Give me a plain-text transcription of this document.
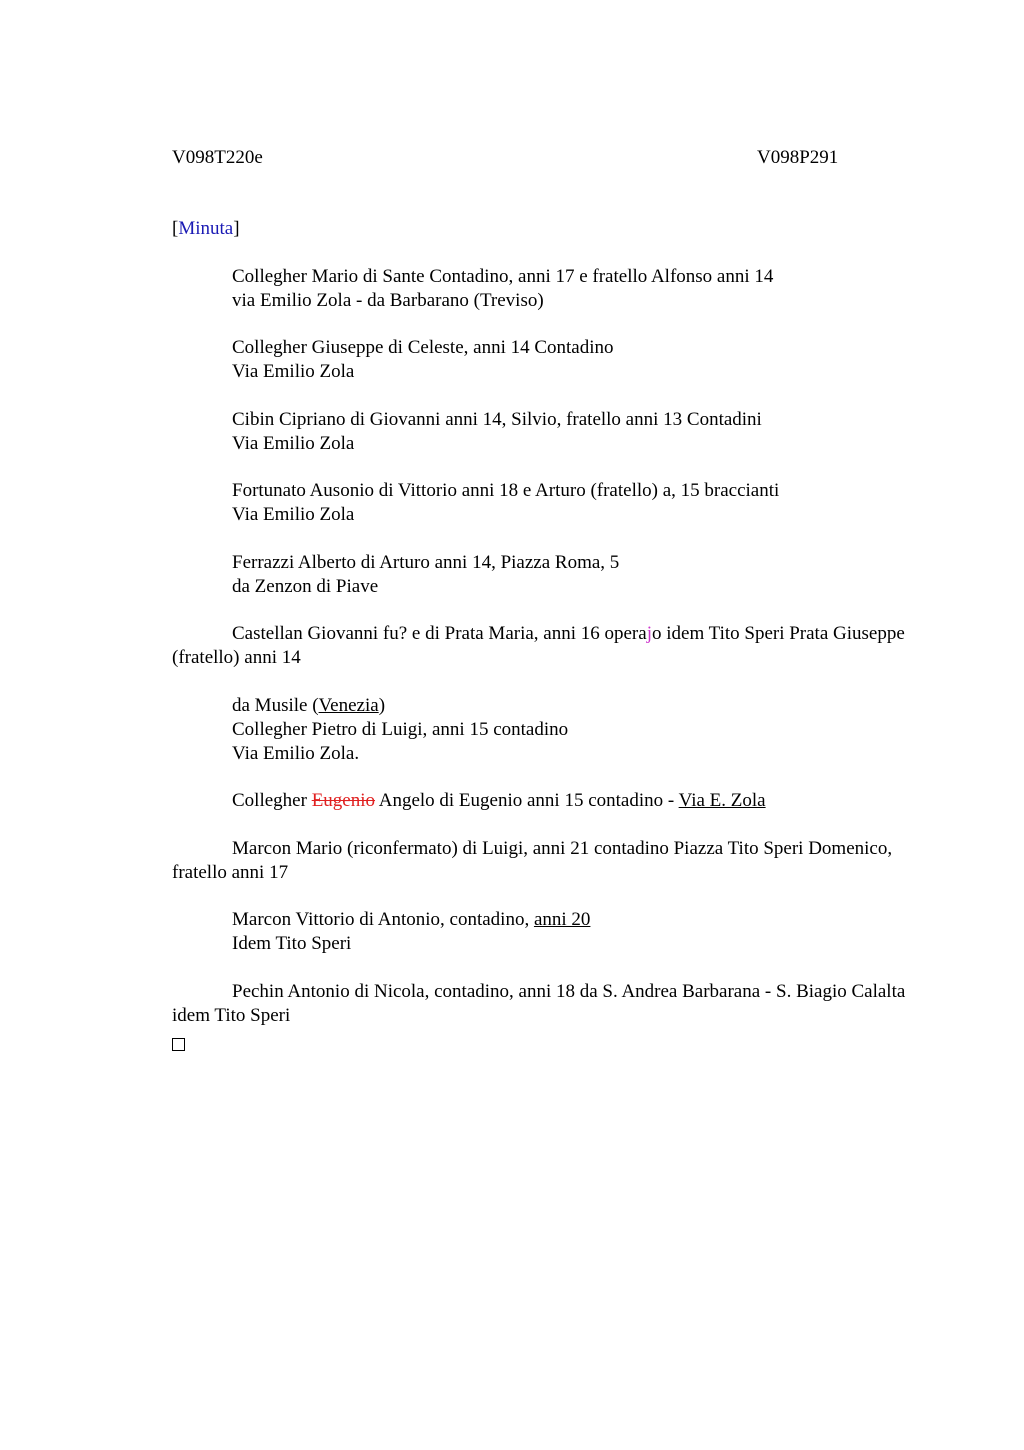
V098T220e	V098P291

[Minuta]

Collegher Mario di Sante Contadino, anni 17 e fratello Alfonso anni 14
via Emilio Zola - da Barbarano (Treviso)

Collegher Giuseppe di Celeste, anni 14 Contadino
Via Emilio Zola

Cibin Cipriano di Giovanni anni 14, Silvio, fratello anni 13 Contadini
Via Emilio Zola

Fortunato Ausonio di Vittorio anni 18 e Arturo (fratello) a, 15 braccianti
Via Emilio Zola

Ferrazzi Alberto di Arturo anni 14, Piazza Roma, 5
da Zenzon di Piave

Castellan Giovanni fu? e di Prata Maria, anni 16 operajo idem Tito Speri Prata Giuseppe (fratello) anni 14

da Musile (Venezia)
Collegher Pietro di Luigi, anni 15 contadino
Via Emilio Zola.

Collegher Eugenio Angelo di Eugenio anni 15 contadino - Via E. Zola

Marcon Mario (riconfermato) di Luigi, anni 21 contadino Piazza Tito Speri Domenico, fratello anni 17

Marcon Vittorio di Antonio, contadino, anni 20
Idem Tito Speri

Pechin Antonio di Nicola, contadino, anni 18 da S. Andrea Barbarana - S. Biagio Calalta idem Tito Speri
